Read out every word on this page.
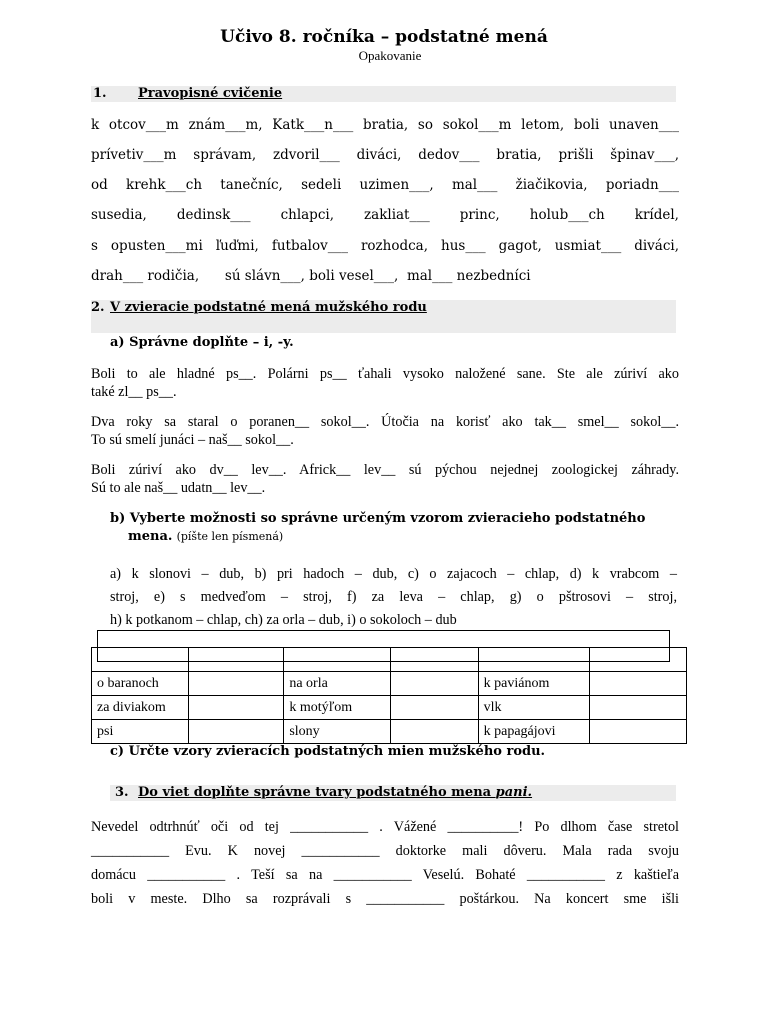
Učivo 8. ročníka – podstatné mená
Opakovanie
1. Pravopisné cvičenie
k otcov___m znám___m, Katk___n___ bratia, so sokol___m letom, boli unaven___
prívetiv___m správam, zdvoril___ diváci, dedov___ bratia, prišli špinav___,
od krehk___ch tanečníc, sedeli uzimen___, mal___ žiačikovia, poriadn___
susedia, dedinsk___ chlapci, zakliat___ princ, holub___ch krídel,
s opusten___mi ľuďmi, futbalov___ rozhodca, hus___ gagot, usmiat___ diváci,
drah___ rodičia, sú slávn___, boli vesel___, mal___ nezbedníci
2. V zvieracie podstatné mená mužského rodu
a) Správne doplňte – i, -y.
Boli to ale hladné ps__. Polárni ps__ ťahali vysoko naložené sane. Ste ale zúriví ako
také zl__ ps__.
Dva roky sa staral o poranen__ sokol__. Útočia na korisť ako tak__ smel__ sokol__.
To sú smelí junáci – naš__ sokol__.
Boli zúriví ako dv__ lev__. Africk__ lev__ sú pýchou nejednej zoologickej záhrady.
Sú to ale naš__ udatn__ lev__.
b) Vyberte možnosti so správne určeným vzorom zvieracieho podstatného
mena. (píšte len písmená)
a) k slonovi – dub, b) pri hadoch – dub, c) o zajacoch – chlap, d) k vrabcom –
stroj, e) s medveďom – stroj, f) za leva – chlap, g) o pštrosovi – stroj,
h) k potkanom – chlap, ch) za orla – dub, i) o sokoloch – dub

o baranoch		na orla		k paviánom	
za diviakom		k motýľom		vlk	
psi		slony		k papagájovi	
c) Určte vzory zvieracích podstatných mien mužského rodu.
3. Do viet doplňte správne tvary podstatného mena pani.
Nevedel odtrhnúť oči od tej ___________ . Vážené __________! Po dlhom čase stretol
___________ Evu. K novej ___________ doktorke mali dôveru. Mala rada svoju
domácu ___________ . Teší sa na ___________ Veselú. Bohaté ___________ z kaštieľa
boli v meste. Dlho sa rozprávali s ___________ poštárkou. Na koncert sme išli
